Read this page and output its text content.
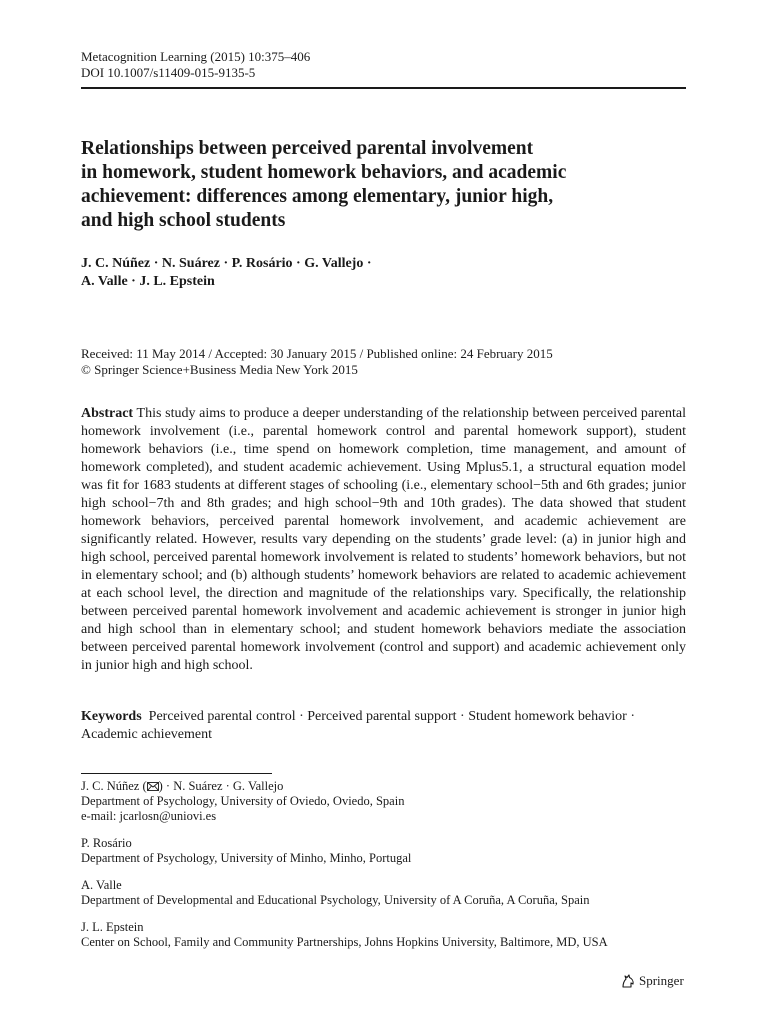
Metacognition Learning (2015) 10:375–406
DOI 10.1007/s11409-015-9135-5
Relationships between perceived parental involvement
in homework, student homework behaviors, and academic
achievement: differences among elementary, junior high,
and high school students
J. C. Núñez · N. Suárez · P. Rosário · G. Vallejo ·
A. Valle · J. L. Epstein
Received: 11 May 2014 / Accepted: 30 January 2015 / Published online: 24 February 2015
© Springer Science+Business Media New York 2015
Abstract This study aims to produce a deeper understanding of the relationship between perceived parental homework involvement (i.e., parental homework control and parental homework support), student homework behaviors (i.e., time spend on homework completion, time management, and amount of homework completed), and student academic achievement. Using Mplus5.1, a structural equation model was fit for 1683 students at different stages of schooling (i.e., elementary school−5th and 6th grades; junior high school−7th and 8th grades; and high school−9th and 10th grades). The data showed that student homework behaviors, perceived parental homework involvement, and academic achievement are significantly related. However, results vary depending on the students’ grade level: (a) in junior high and high school, perceived parental homework involvement is related to students’ homework behaviors, but not in elementary school; and (b) although students’ homework behaviors are related to academic achievement at each school level, the direction and magnitude of the relationships vary. Specifically, the relationship between perceived parental homework involvement and academic achievement is stronger in junior high and high school than in elementary school; and student homework behaviors mediate the association between perceived parental homework involvement (control and support) and academic achievement only in junior high and high school.
Keywords Perceived parental control · Perceived parental support · Student homework behavior ·
Academic achievement
J. C. Núñez ( ) · N. Suárez · G. Vallejo
Department of Psychology, University of Oviedo, Oviedo, Spain
e-mail: jcarlosn@uniovi.es
P. Rosário
Department of Psychology, University of Minho, Minho, Portugal
A. Valle
Department of Developmental and Educational Psychology, University of A Coruña, A Coruña, Spain
J. L. Epstein
Center on School, Family and Community Partnerships, Johns Hopkins University, Baltimore, MD, USA
Springer
